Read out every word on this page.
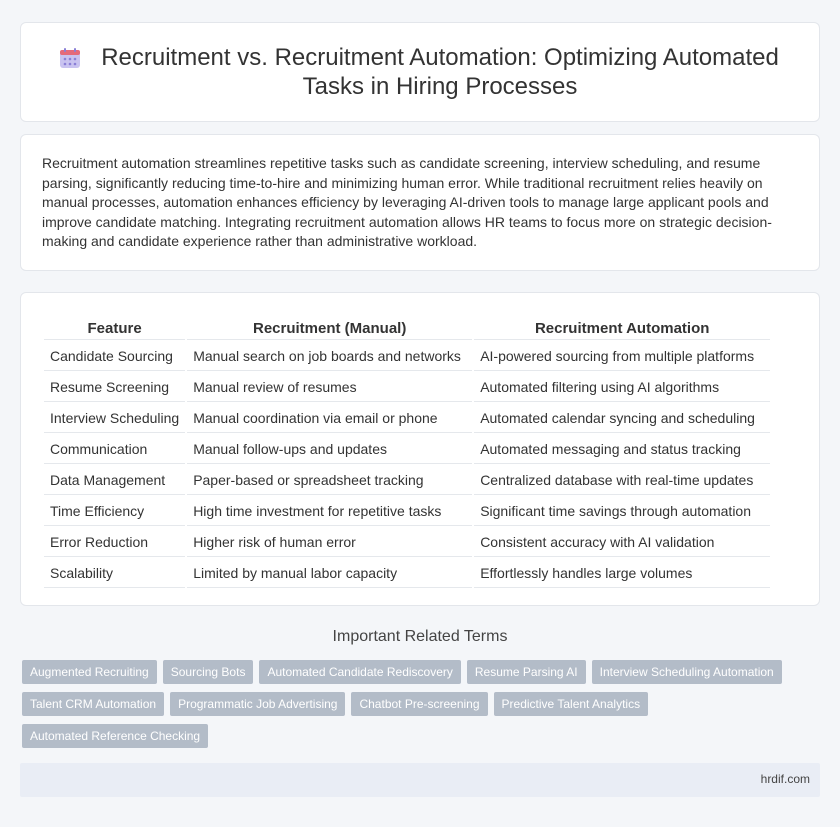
Recruitment vs. Recruitment Automation: Optimizing Automated Tasks in Hiring Processes

Recruitment automation streamlines repetitive tasks such as candidate screening, interview scheduling, and resume parsing, significantly reducing time-to-hire and minimizing human error. While traditional recruitment relies heavily on manual processes, automation enhances efficiency by leveraging AI-driven tools to manage large applicant pools and improve candidate matching. Integrating recruitment automation allows HR teams to focus more on strategic decision-making and candidate experience rather than administrative workload.

Feature	Recruitment (Manual)	Recruitment Automation
Candidate Sourcing	Manual search on job boards and networks	AI-powered sourcing from multiple platforms
Resume Screening	Manual review of resumes	Automated filtering using AI algorithms
Interview Scheduling	Manual coordination via email or phone	Automated calendar syncing and scheduling
Communication	Manual follow-ups and updates	Automated messaging and status tracking
Data Management	Paper-based or spreadsheet tracking	Centralized database with real-time updates
Time Efficiency	High time investment for repetitive tasks	Significant time savings through automation
Error Reduction	Higher risk of human error	Consistent accuracy with AI validation
Scalability	Limited by manual labor capacity	Effortlessly handles large volumes
Important Related Terms
Augmented Recruiting	Sourcing Bots	Automated Candidate Rediscovery	Resume Parsing AI	Interview Scheduling Automation
Talent CRM Automation	Programmatic Job Advertising	Chatbot Pre-screening	Predictive Talent Analytics
Automated Reference Checking
hrdif.com
